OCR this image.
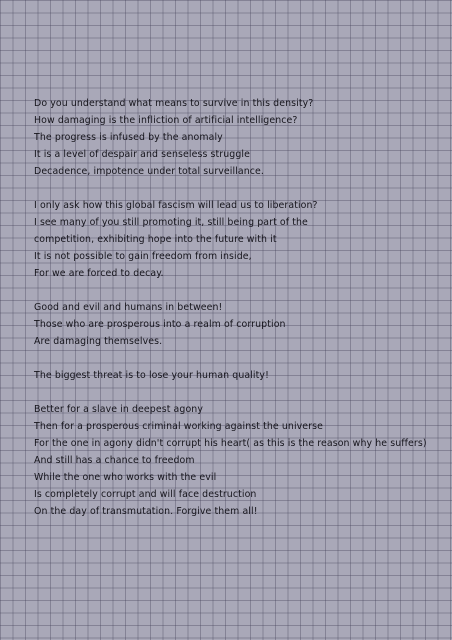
Do you understand what means to survive in this density?
How damaging is the infliction of artificial intelligence?
The progress is infused by the anomaly
It is a level of despair and senseless struggle
Decadence, impotence under total surveillance.
I only ask how this global fascism will lead us to liberation?
I see many of you still promoting it, still being part of the
competition, exhibiting hope into the future with it
It is not possible to gain freedom from inside,
For we are forced to decay.
Good and evil and humans in between!
Those who are prosperous into a realm of corruption
Are damaging themselves.
The biggest threat is to lose your human quality!
Better for a slave in deepest agony
Then for a prosperous criminal working against the universe
For the one in agony didn't corrupt his heart( as this is the reason why he suffers)
And still has a chance to freedom
While the one who works with the evil
Is completely corrupt and will face destruction
On the day of transmutation. Forgive them all!
